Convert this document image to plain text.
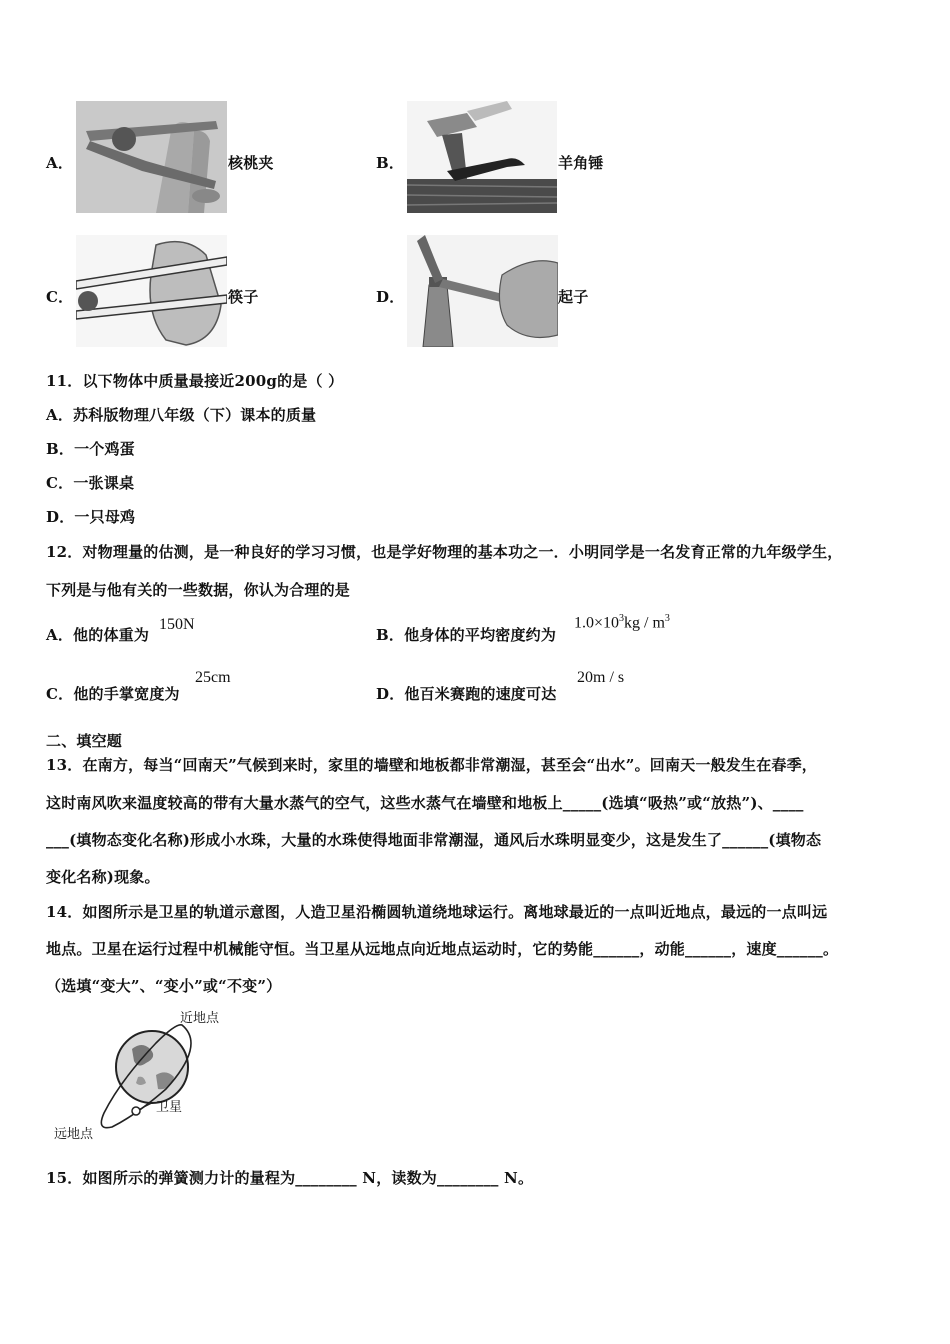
A．	核桃夹	B．	羊角锤
C．	筷子	D．	起子
11．以下物体中质量最接近200g的是（ ）
A．苏科版物理八年级（下）课本的质量
B．一个鸡蛋
C．一张课桌
D．一只母鸡
12．对物理量的估测，是一种良好的学习习惯，也是学好物理的基本功之一．小明同学是一名发育正常的九年级学生，
下列是与他有关的一些数据，你认为合理的是
A．他的体重为
150N
B．他身体的平均密度约为
$1.0\times 10^3kg / m^3$
C．他的手掌宽度为
25cm
D．他百米赛跑的速度可达
20m / s
二、填空题
13．在南方，每当“回南天”气候到来时，家里的墙壁和地板都非常潮湿，甚至会“出水”。回南天一般发生在春季，
这时南风吹来温度较高的带有大量水蒸气的空气，这些水蒸气在墙壁和地板上_____(选填“吸热”或“放热”)、____
___(填物态变化名称)形成小水珠，大量的水珠使得地面非常潮湿，通风后水珠明显变少，这是发生了______(填物态
变化名称)现象。
14．如图所示是卫星的轨道示意图，人造卫星沿椭圆轨道绕地球运行。离地球最近的一点叫近地点，最远的一点叫远
地点。卫星在运行过程中机械能守恒。当卫星从远地点向近地点运动时，它的势能______，动能______，速度______。
（选填“变大”、“变小”或“不变”）
近地点
卫星
远地点
15．如图所示的弹簧测力计的量程为________ N，读数为________ N。
